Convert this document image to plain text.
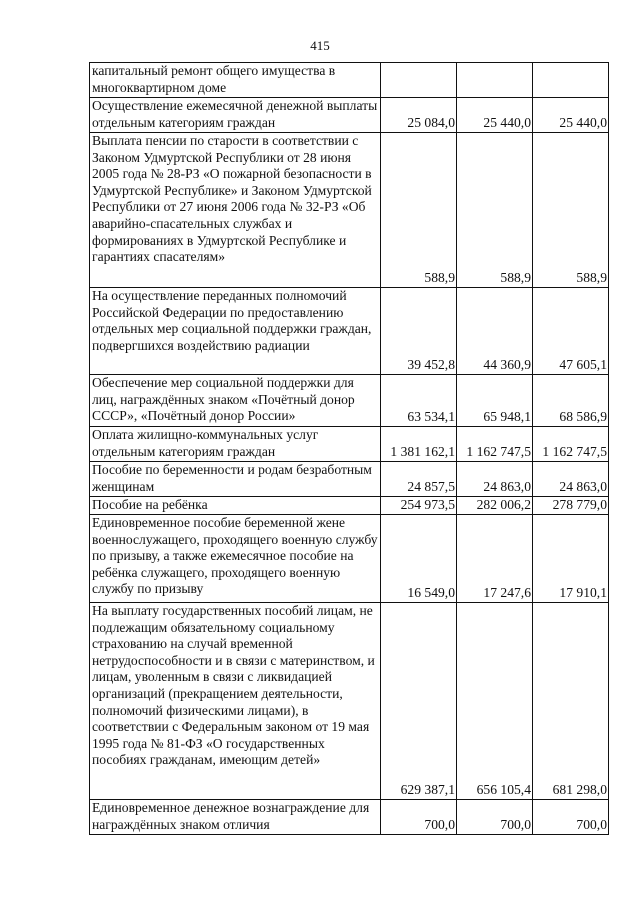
415
капитальный ремонт общего имущества в многоквартирном доме			
Осуществление ежемесячной денежной выплаты отдельным категориям граждан	25 084,0	25 440,0	25 440,0
Выплата пенсии по старости в соответствии с Законом Удмуртской Республики от 28 июня 2005 года № 28-РЗ «О пожарной безопасности в Удмуртской Республике» и Законом Удмуртской Республики от 27 июня 2006 года № 32-РЗ «Об аварийно-спасательных службах и формированиях в Удмуртской Республике и гарантиях спасателям»	588,9	588,9	588,9
На осуществление переданных полномочий Российской Федерации по предоставлению отдельных мер социальной поддержки граждан, подвергшихся воздействию радиации	39 452,8	44 360,9	47 605,1
Обеспечение мер социальной поддержки для лиц, награждённых знаком «Почётный донор СССР», «Почётный донор России»	63 534,1	65 948,1	68 586,9
Оплата жилищно-коммунальных услуг отдельным категориям граждан	1 381 162,1	1 162 747,5	1 162 747,5
Пособие по беременности и родам безработным женщинам	24 857,5	24 863,0	24 863,0
Пособие на ребёнка	254 973,5	282 006,2	278 779,0
Единовременное пособие беременной жене военнослужащего, проходящего военную службу по призыву, а также ежемесячное пособие на ребёнка служащего, проходящего военную службу по призыву	16 549,0	17 247,6	17 910,1
На выплату государственных пособий лицам, не подлежащим обязательному социальному страхованию на случай временной нетрудоспособности и в связи с материнством, и лицам, уволенным в связи с ликвидацией организаций (прекращением деятельности, полномочий физическими лицами), в соответствии с Федеральным законом от 19 мая 1995 года № 81-ФЗ «О государственных пособиях гражданам, имеющим детей»	629 387,1	656 105,4	681 298,0
Единовременное денежное вознаграждение для награждённых знаком отличия	700,0	700,0	700,0
